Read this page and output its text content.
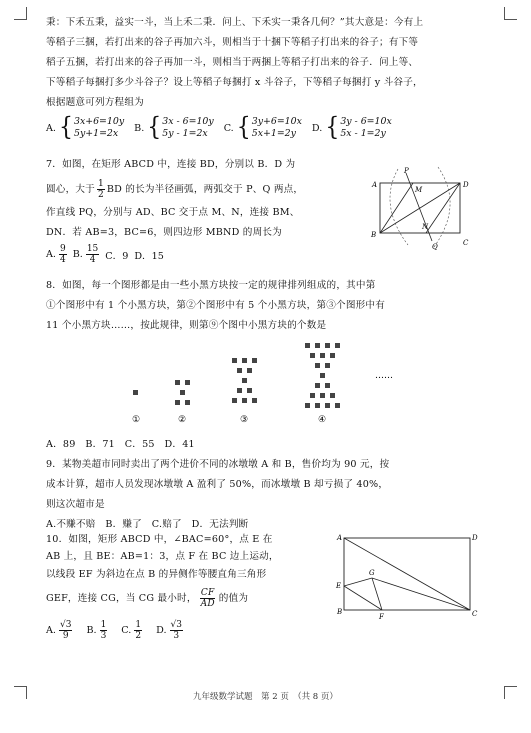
秉：下禾五秉，益实一斗，当上禾二秉．问上、下禾实一秉各几何？”其大意是：今有上
等稻子三捆，若打出来的谷子再加六斗，则相当于十捆下等稻子打出来的谷子；有下等
稻子五捆，若打出来的谷子再加一斗，则相当于两捆上等稻子打出来的谷子．问上等、
下等稻子每捆打多少斗谷子？设上等稻子每捆打 x 斗谷子，下等稻子每捆打 y 斗谷子，
根据题意可列方程组为
A. { 3x+6=10y
5y+1=2x	B. { 3x - 6=10y
5y - 1=2x	C. { 3y+6=10x
5x+1=2y	D. { 3y - 6=10x
5x - 1=2y
7．如图，在矩形 ABCD 中，连接 BD，分别以 B．D 为
圆心，大于 $\frac{1}{2}$ BD 的长为半径画弧，两弧交于 P、Q 两点，
作直线 PQ，分别与 AD、BC 交于点 M、N，连接 BM、
DN．若 AB=3，BC=6，则四边形 MBND 的周长为
A. $\frac{9}{4} B$. $\frac{15}{4}$ C．9 D．15
A
B
C
D
P
Q
M
N
8．如图，每一个图形都是由一些小黑方块按一定的规律排列组成的，其中第
①个图形中有 1 个小黑方块，第②个图形中有 5 个小黑方块，第③个图形中有
11 个小黑方块……，按此规律，则第⑨个图中小黑方块的个数是
……
①	②	③	④
A．89　B．71　C．55　D．41
9．某物美超市同时卖出了两个进价不同的冰墩墩 A 和 B，售价均为 90 元，按
成本计算，超市人员发现冰墩墩 A 盈利了 50%，而冰墩墩 B 却亏损了 40%，
则这次超市是
A.不赚不赔　B．赚了　C.赔了　D．无法判断
10．如图，矩形 ABCD 中，∠BAC=60°，点 E 在
AB 上，且 BE：AB=1：3，点 F 在 BC 边上运动，
以线段 EF 为斜边在点 B 的异侧作等腰直角三角形
GEF，连接 CG，当 CG 最小时， $\frac{CF}{AD}$ 的值为
A. $\frac{√3}{9} B$. $\frac{1}{3} C$. $\frac{1}{2} D$. $\frac{√3}{3}$
A
B	C
D
E
F
G
九年级数学试题　第 2 页　（共 8 页）
